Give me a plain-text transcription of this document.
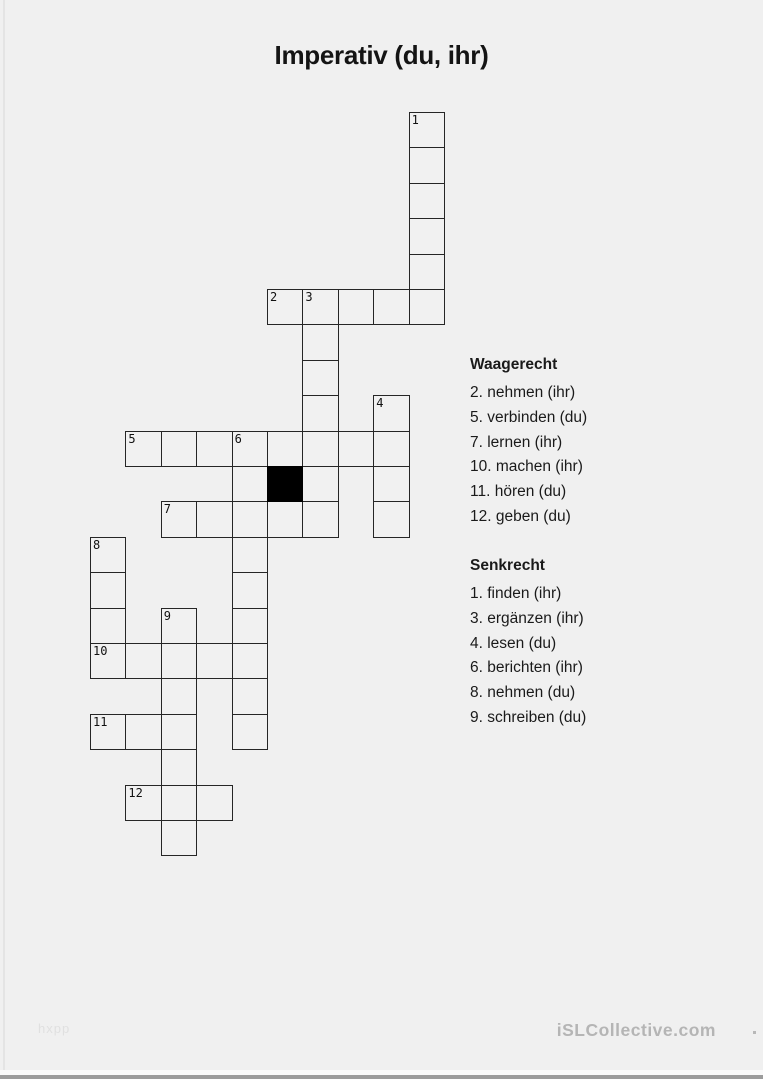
Imperativ (du, ihr)
1
2 3
4
5	6
7
8
10
9
11
12
Waagerecht
2. nehmen (ihr)
5. verbinden (du)
7. lernen (ihr)
10. machen (ihr)
11. hören (du)
12. geben (du)
Senkrecht
1. finden (ihr)
3. ergänzen (ihr)
4. lesen (du)
6. berichten (ihr)
8. nehmen (du)
9. schreiben (du)
hxpp	iSLCollective.com
